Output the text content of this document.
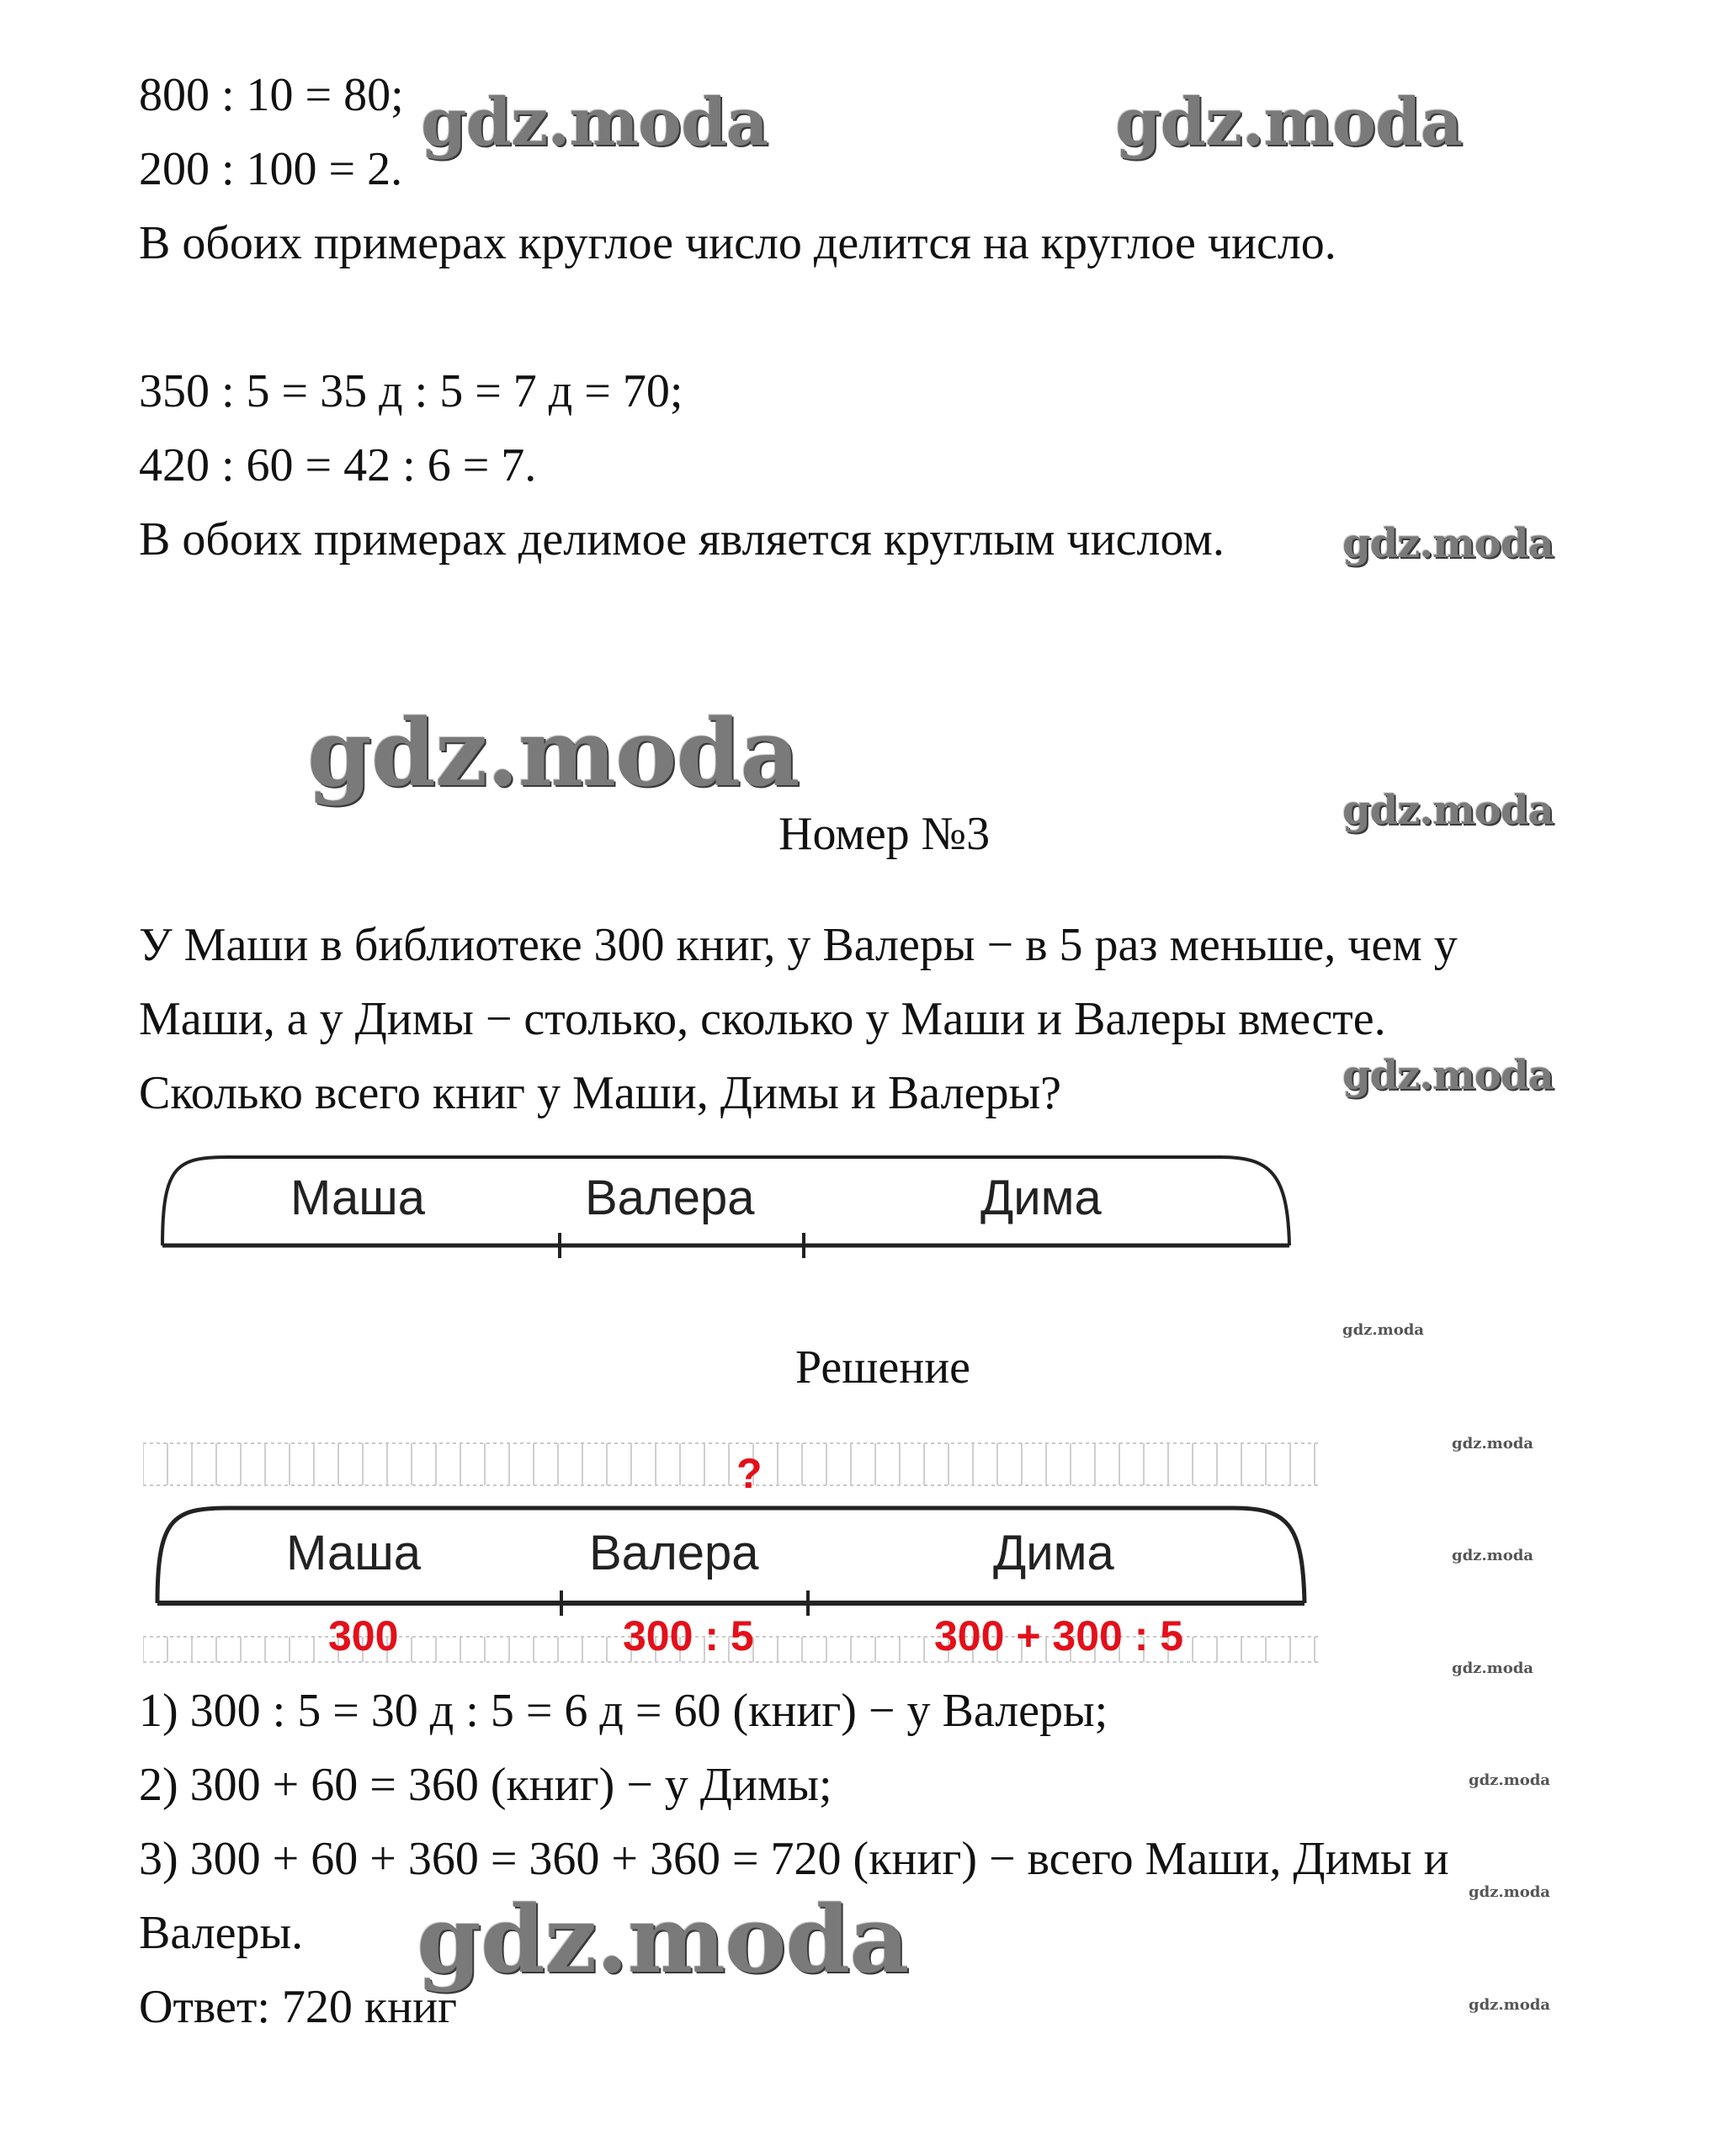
800 : 10 = 80;
200 : 100 = 2.
В обоих примерах круглое число делится на круглое число.
350 : 5 = 35 д : 5 = 7 д = 70;
420 : 60 = 42 : 6 = 7.
В обоих примерах делимое является круглым числом.
Номер №3
У Маши в библиотеке 300 книг, у Валеры − в 5 раз меньше, чем у
Маши, а у Димы − столько, сколько у Маши и Валеры вместе.
Сколько всего книг у Маши, Димы и Валеры?
Маша	Валера	Дима
Решение
?
Маша	Валера	Дима
300	300 : 5	300 + 300 : 5
1) 300 : 5 = 30 д : 5 = 6 д = 60 (книг) − у Валеры;
2) 300 + 60 = 360 (книг) − у Димы;
3) 300 + 60 + 360 = 360 + 360 = 720 (книг) − всего Маши, Димы и
Валеры.
Ответ: 720 книг
gdz.moda	gdz.moda
gdz.moda
gdz.moda
gdz.moda
gdz.moda
gdz.moda
gdz.moda
gdz.moda
gdz.moda
gdz.moda
gdz.moda
gdz.moda
gdz.moda
